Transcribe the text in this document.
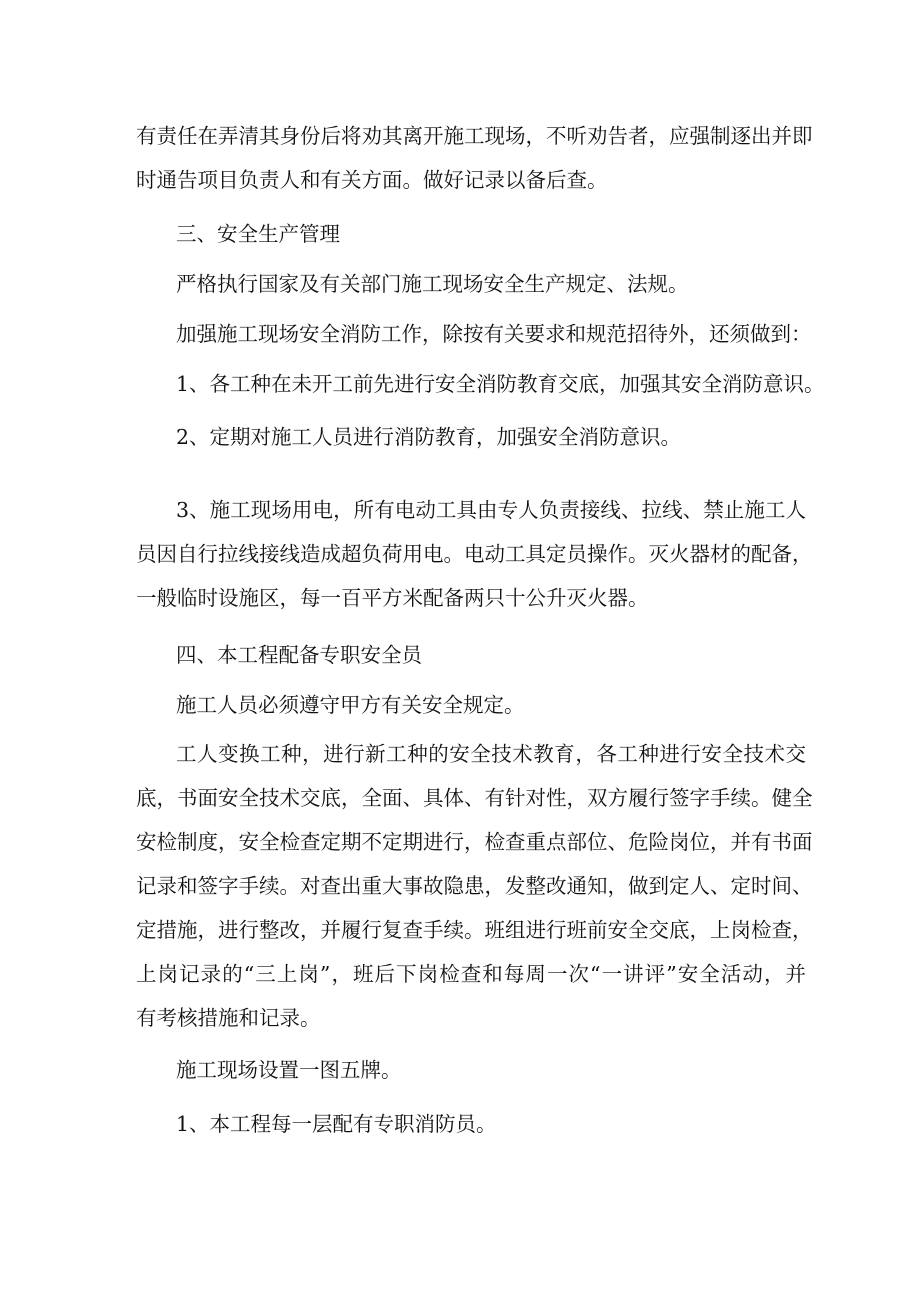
有责任在弄清其身份后将劝其离开施工现场，不听劝告者，应强制逐出并即
时通告项目负责人和有关方面。做好记录以备后查。
三、安全生产管理
严格执行国家及有关部门施工现场安全生产规定、法规。
加强施工现场安全消防工作，除按有关要求和规范招待外，还须做到：
1、各工种在未开工前先进行安全消防教育交底，加强其安全消防意识。
2、定期对施工人员进行消防教育，加强安全消防意识。
3、施工现场用电，所有电动工具由专人负责接线、拉线、禁止施工人
员因自行拉线接线造成超负荷用电。电动工具定员操作。灭火器材的配备，
一般临时设施区，每一百平方米配备两只十公升灭火器。
四、本工程配备专职安全员
施工人员必须遵守甲方有关安全规定。
工人变换工种，进行新工种的安全技术教育，各工种进行安全技术交
底，书面安全技术交底，全面、具体、有针对性，双方履行签字手续。健全
安检制度，安全检查定期不定期进行，检查重点部位、危险岗位，并有书面
记录和签字手续。对查出重大事故隐患，发整改通知，做到定人、定时间、
定措施，进行整改，并履行复查手续。班组进行班前安全交底，上岗检查，
上岗记录的“三上岗”，班后下岗检查和每周一次“一讲评”安全活动，并
有考核措施和记录。
施工现场设置一图五牌。
1、本工程每一层配有专职消防员。
